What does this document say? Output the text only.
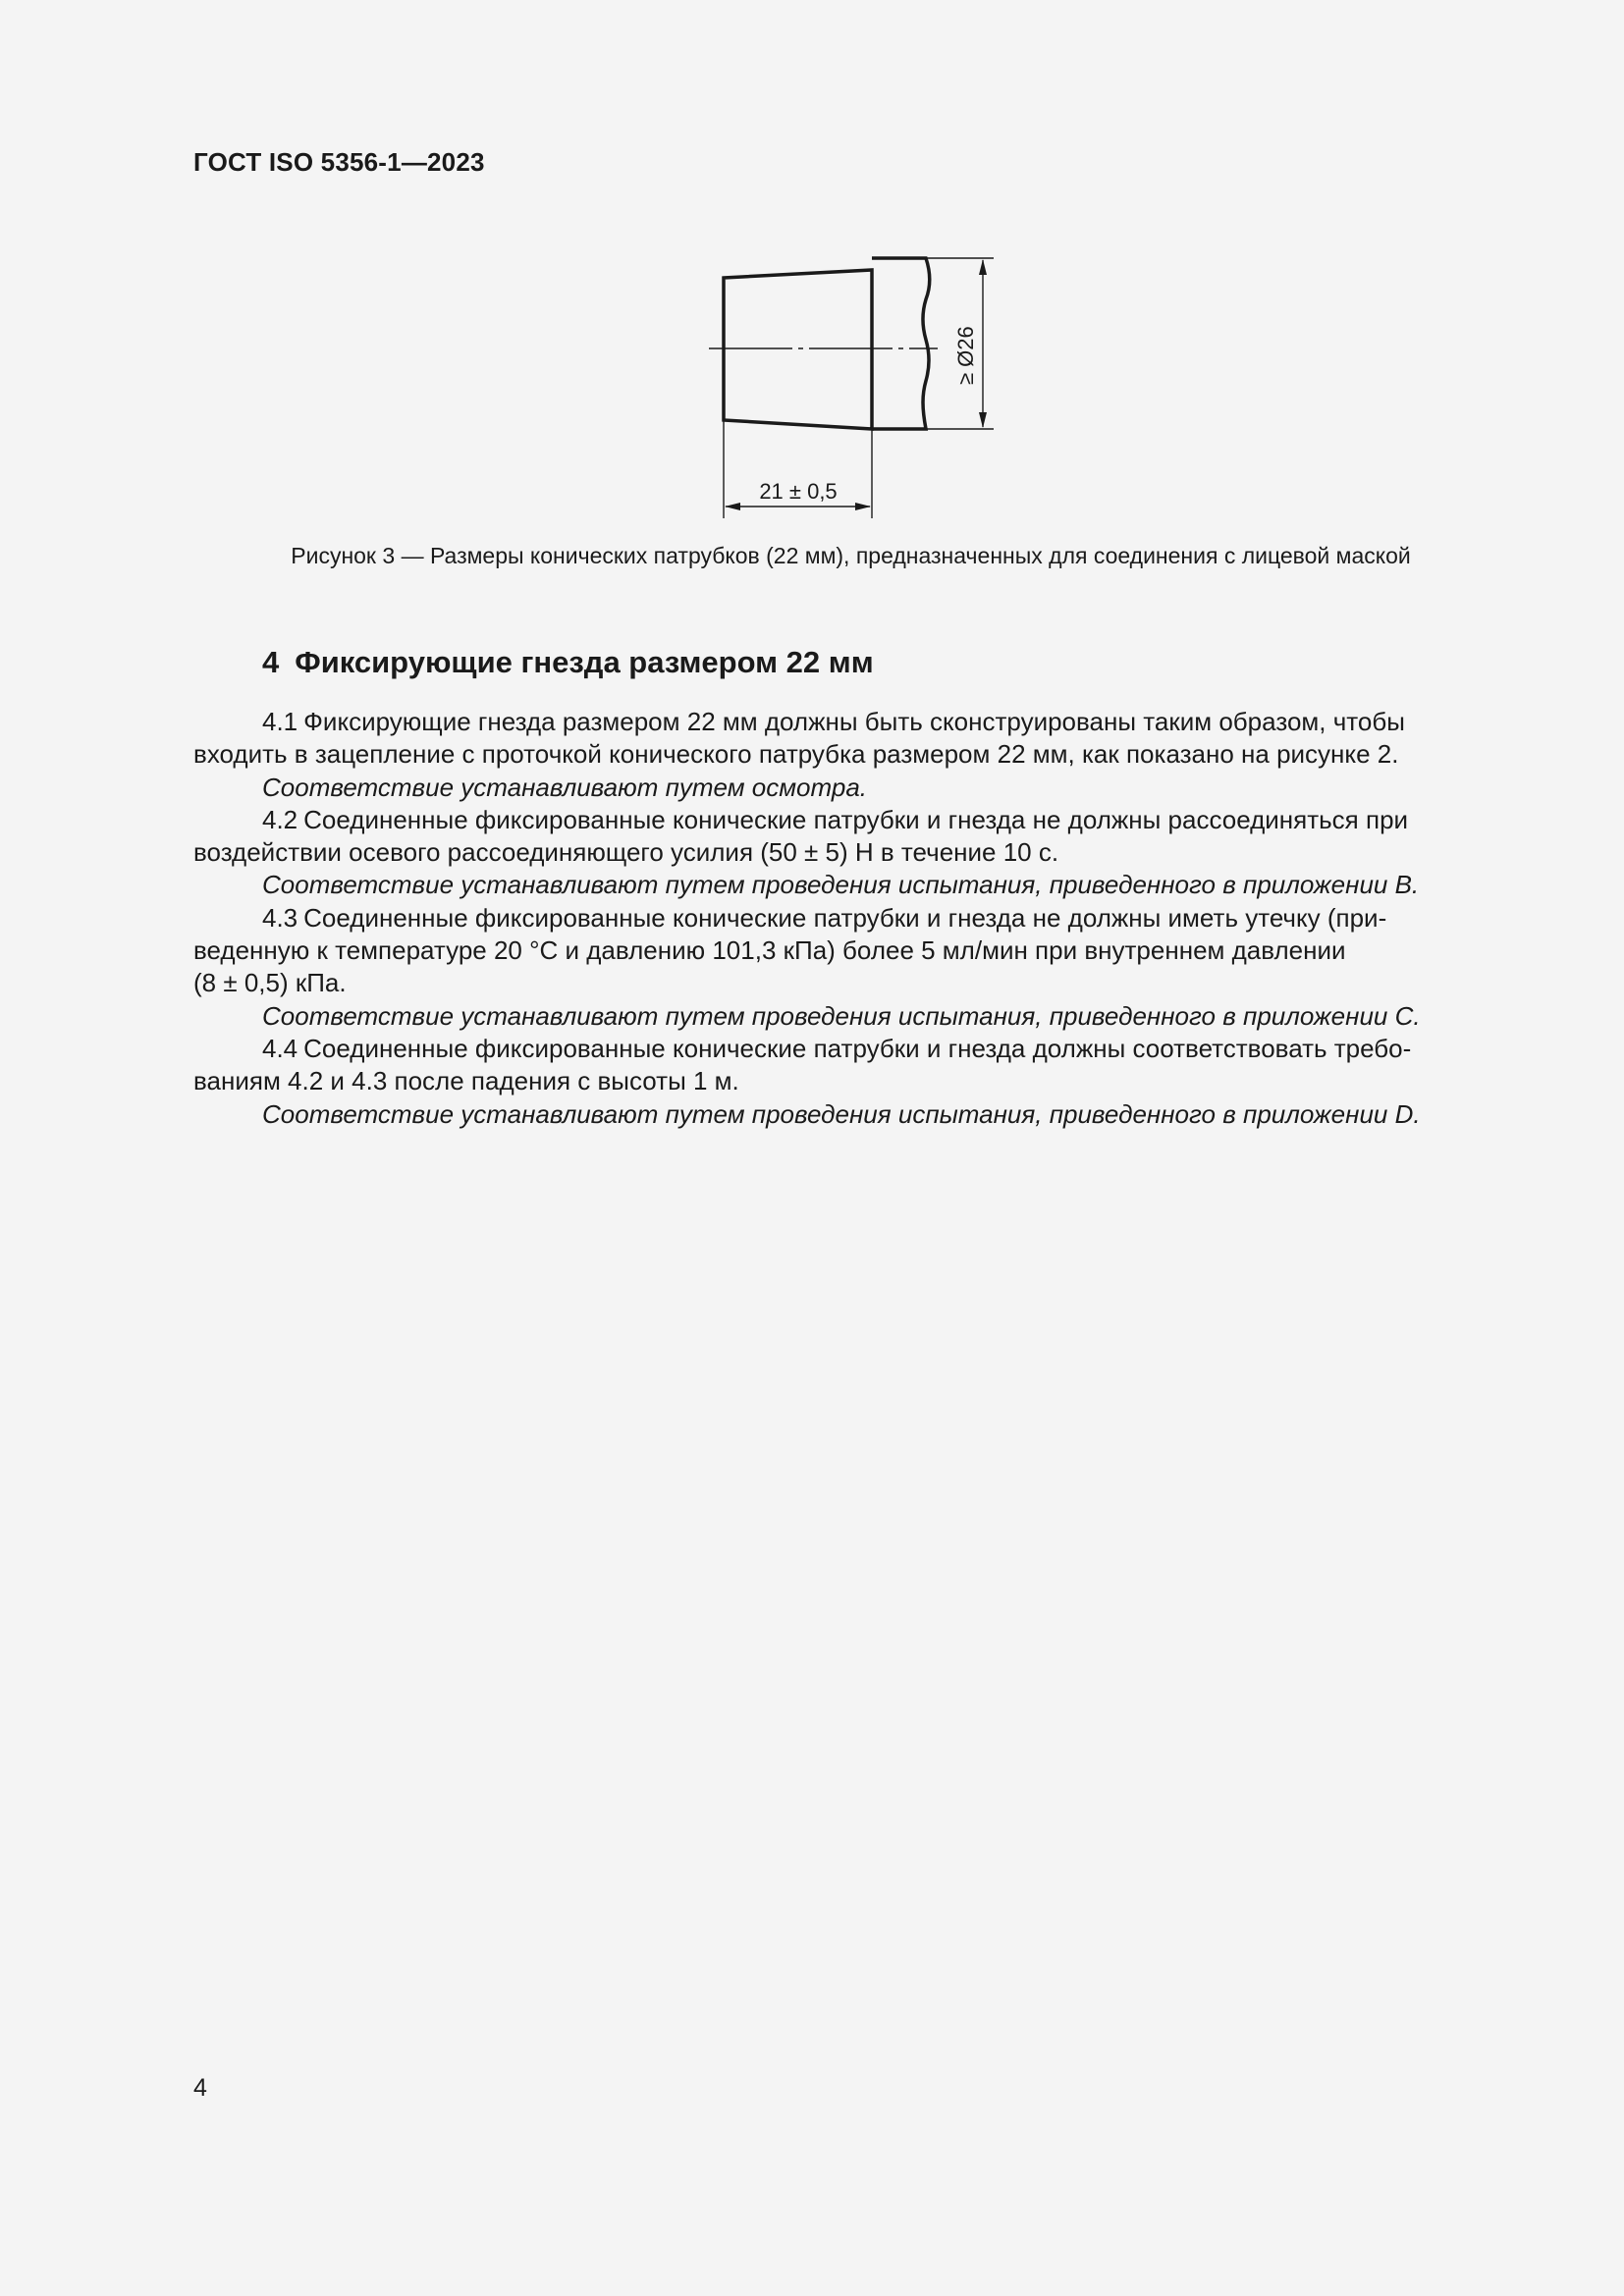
ГОСТ ISO 5356-1—2023
≥ Ø26
21 ± 0,5
Рисунок 3 — Размеры конических патрубков (22 мм), предназначенных для соединения с лицевой маской
4 Фиксирующие гнезда размером 22 мм

4.1 Фиксирующие гнезда размером 22 мм должны быть сконструированы таким образом, чтобы
входить в зацепление с проточкой конического патрубка размером 22 мм, как показано на рисунке 2.

Соответствие устанавливают путем осмотра.

4.2 Соединенные фиксированные конические патрубки и гнезда не должны рассоединяться при
воздействии осевого рассоединяющего усилия (50 ± 5) Н в течение 10 с.

Соответствие устанавливают путем проведения испытания, приведенного в приложении B.

4.3 Соединенные фиксированные конические патрубки и гнезда не должны иметь утечку (при-
веденную к температуре 20 °С и давлению 101,3 кПа) более 5 мл/мин при внутреннем давлении
(8 ± 0,5) кПа.

Соответствие устанавливают путем проведения испытания, приведенного в приложении C.

4.4 Соединенные фиксированные конические патрубки и гнезда должны соответствовать требо-
ваниям 4.2 и 4.3 после падения с высоты 1 м.

Соответствие устанавливают путем проведения испытания, приведенного в приложении D.

4
